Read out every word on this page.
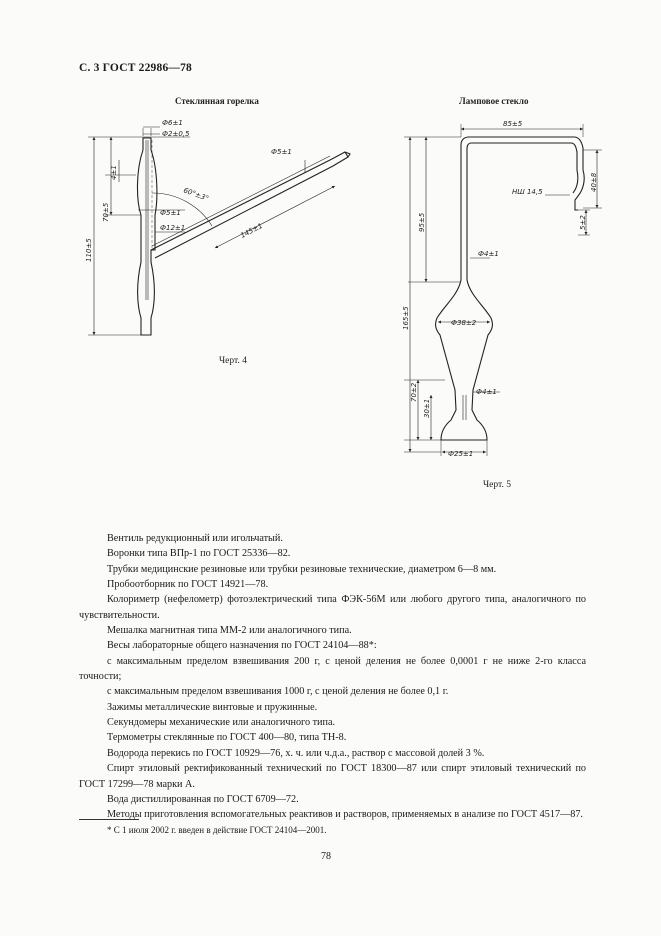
С. 3 ГОСТ 22986—78
Стеклянная горелка	Ламповое стекло
Черт. 4
Черт. 5
Ф6±1
Ф2±0,5
Ф5±1
60°±3°
Ф5±1
Ф12±1	145±1
4±1
70±5
110±5
85±5
НШ 14,5	40±8
5±2
95±5
Ф4±1
165±5	Ф38±2
70±2	Ф4±1
30±1
Ф25±1

Вентиль редукционный или игольчатый.

Воронки типа ВПр-1 по ГОСТ 25336—82.

Трубки медицинские резиновые или трубки резиновые технические, диаметром 6—8 мм.

Пробоотборник по ГОСТ 14921—78.

Колориметр (нефелометр) фотоэлектрический типа ФЭК-56М или любого другого типа, аналогичного по чувствительности.

Мешалка магнитная типа ММ-2 или аналогичного типа.

Весы лабораторные общего назначения по ГОСТ 24104—88*:

с максимальным пределом взвешивания 200 г, с ценой деления не более 0,0001 г не ниже 2-го класса точности;

с максимальным пределом взвешивания 1000 г, с ценой деления не более 0,1 г.

Зажимы металлические винтовые и пружинные.

Секундомеры механические или аналогичного типа.

Термометры стеклянные по ГОСТ 400—80, типа ТН-8.

Водорода перекись по ГОСТ 10929—76, х. ч. или ч.д.а., раствор с массовой долей 3 %.

Спирт этиловый ректификованный технический по ГОСТ 18300—87 или спирт этиловый технический по ГОСТ 17299—78 марки А.

Вода дистиллированная по ГОСТ 6709—72.

Методы приготовления вспомогательных реактивов и растворов, применяемых в анализе по ГОСТ 4517—87.

* С 1 июля 2002 г. введен в действие ГОСТ 24104—2001.
78
